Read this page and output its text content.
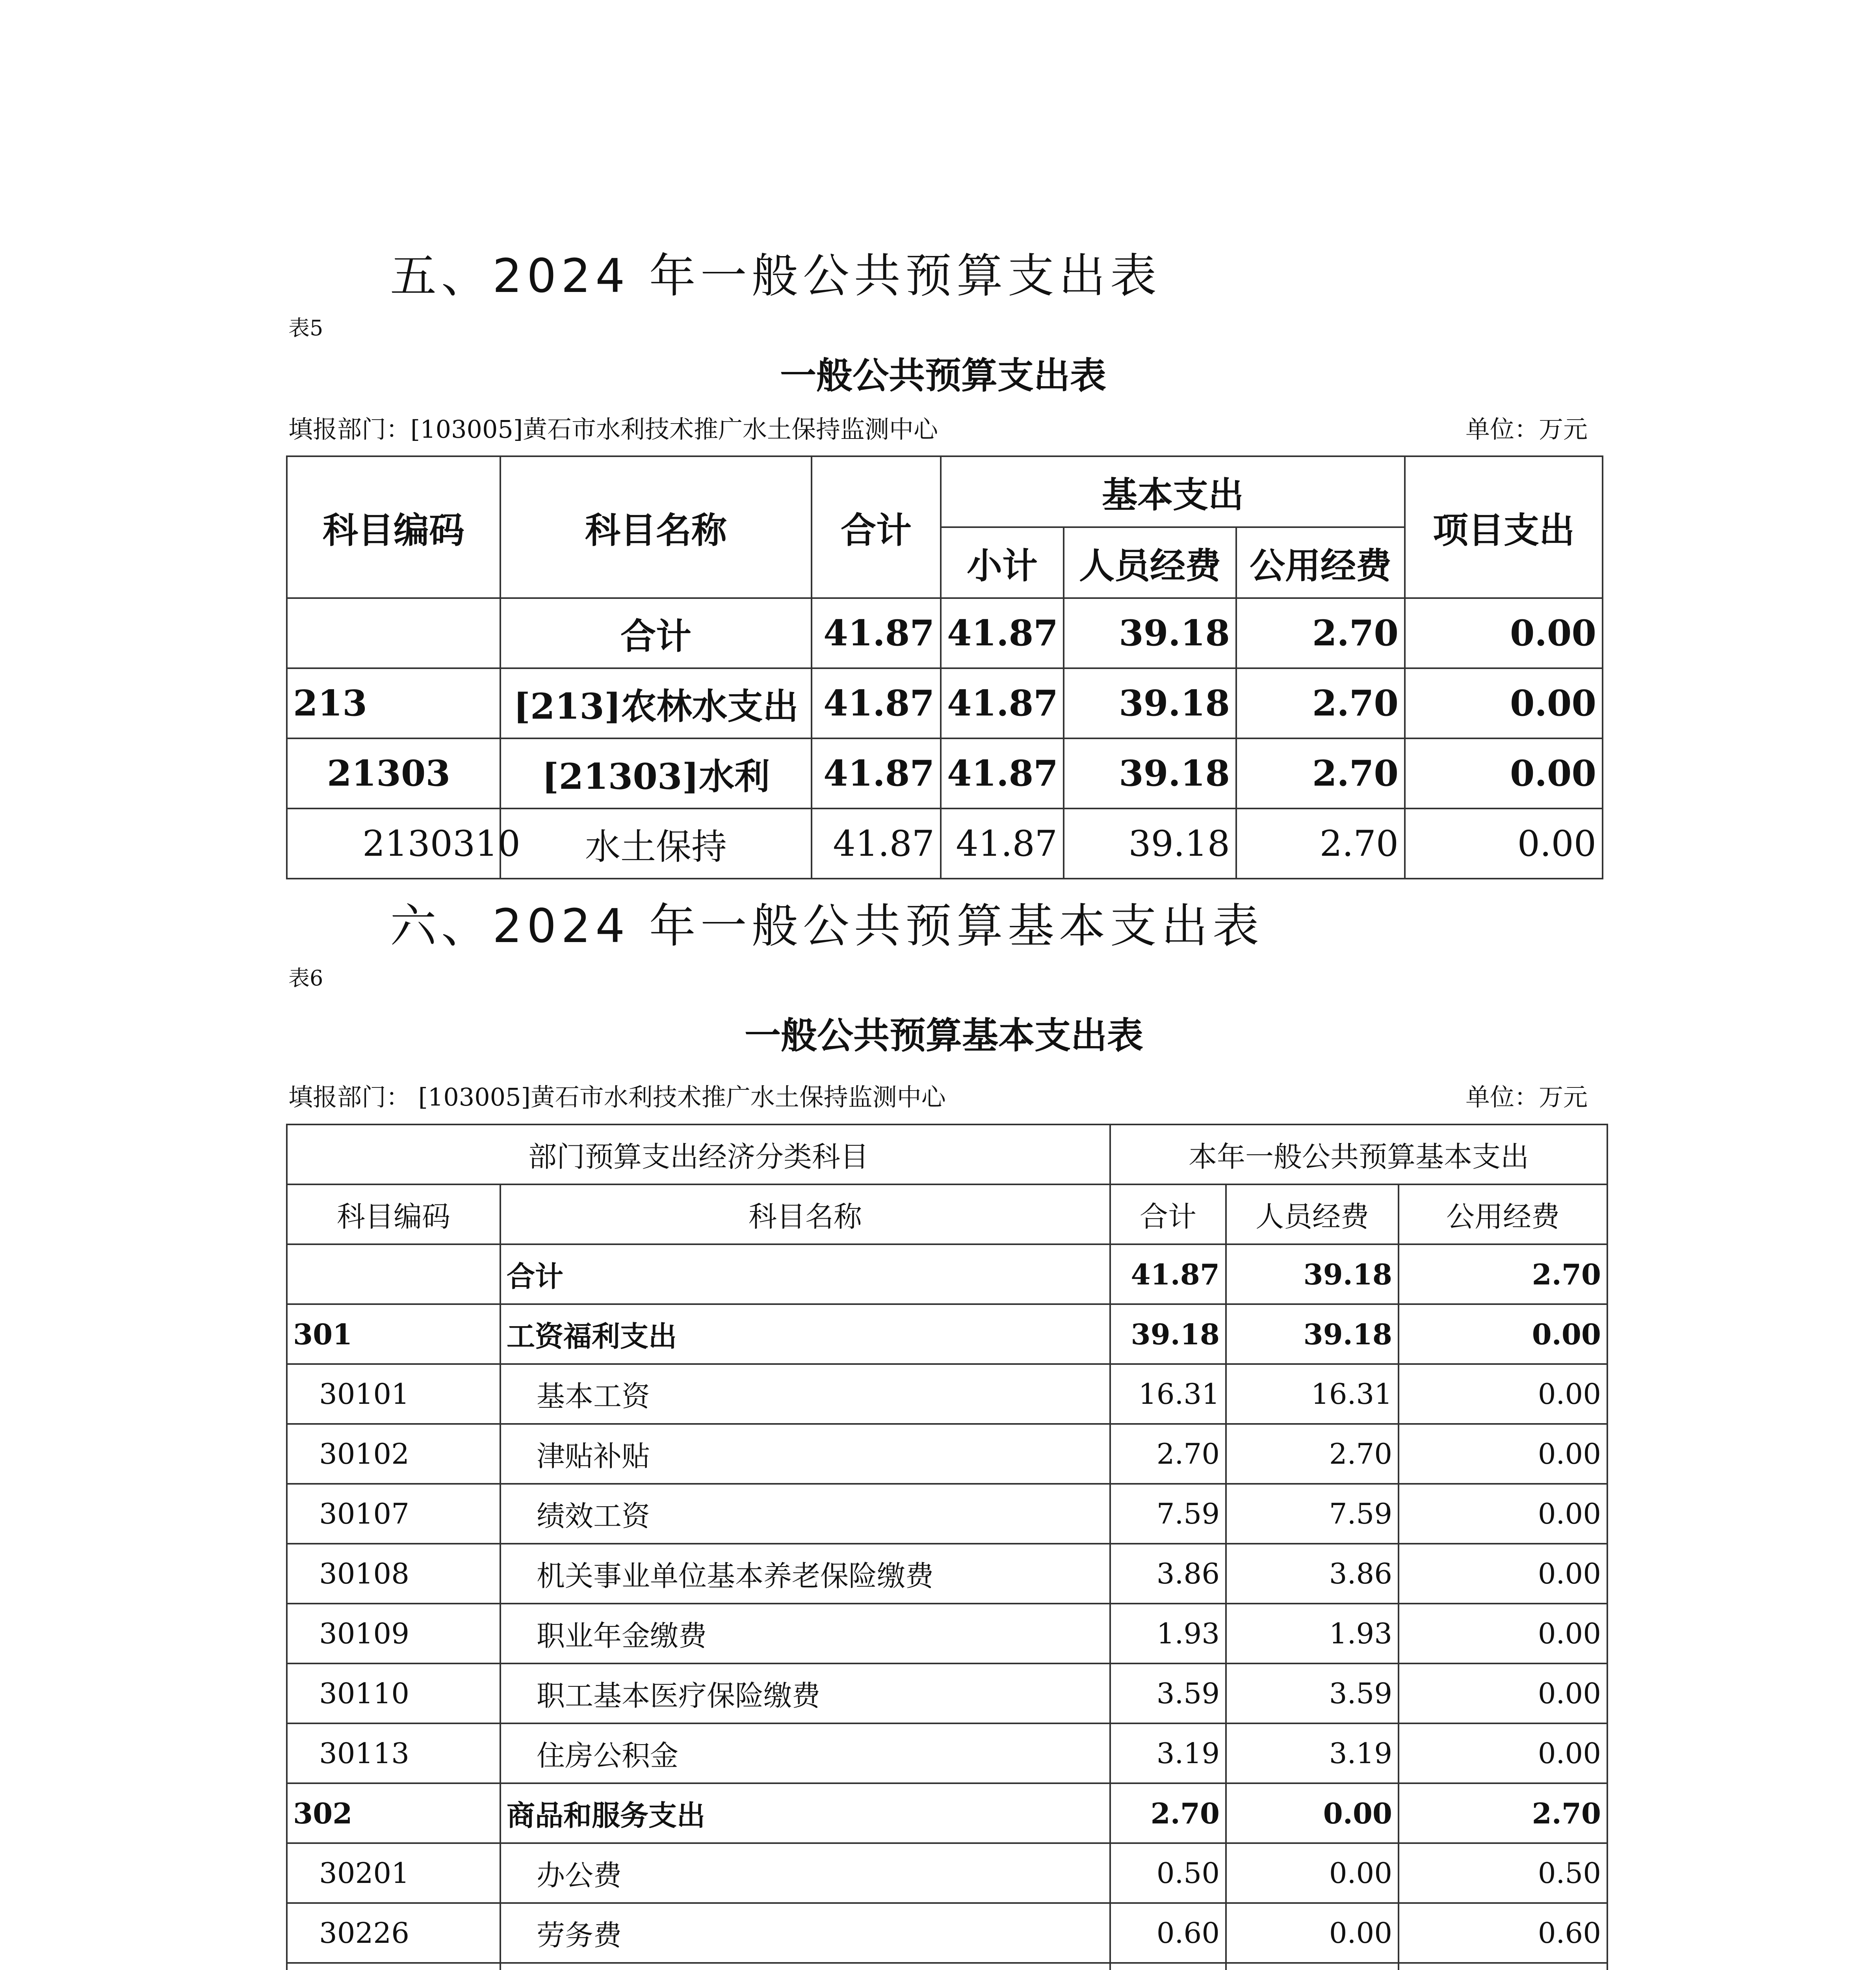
五、2024 年一般公共预算支出表
表5
一般公共预算支出表
填报部门：[103005]黄石市水利技术推广水土保持监测中心	单位：万元
科目编码	科目名称	合计	基本支出			项目支出
			小计	人员经费	公用经费	
	合计	41.87	41.87	39.18	2.70	0.00
213	[213]农林水支出	41.87	41.87	39.18	2.70	0.00
21303	[21303]水利	41.87	41.87	39.18	2.70	0.00
2130310	水土保持	41.87	41.87	39.18	2.70	0.00
六、2024 年一般公共预算基本支出表
表6
一般公共预算基本支出表
填报部门： [103005]黄石市水利技术推广水土保持监测中心	单位：万元
部门预算支出经济分类科目		本年一般公共预算基本支出		
科目编码	科目名称	合计	人员经费	公用经费
	合计	41.87	39.18	2.70
301	工资福利支出	39.18	39.18	0.00
30101	基本工资	16.31	16.31	0.00
30102	津贴补贴	2.70	2.70	0.00
30107	绩效工资	7.59	7.59	0.00
30108	机关事业单位基本养老保险缴费	3.86	3.86	0.00
30109	职业年金缴费	1.93	1.93	0.00
30110	职工基本医疗保险缴费	3.59	3.59	0.00
30113	住房公积金	3.19	3.19	0.00
302	商品和服务支出	2.70	0.00	2.70
30201	办公费	0.50	0.00	0.50
30226	劳务费	0.60	0.00	0.60
